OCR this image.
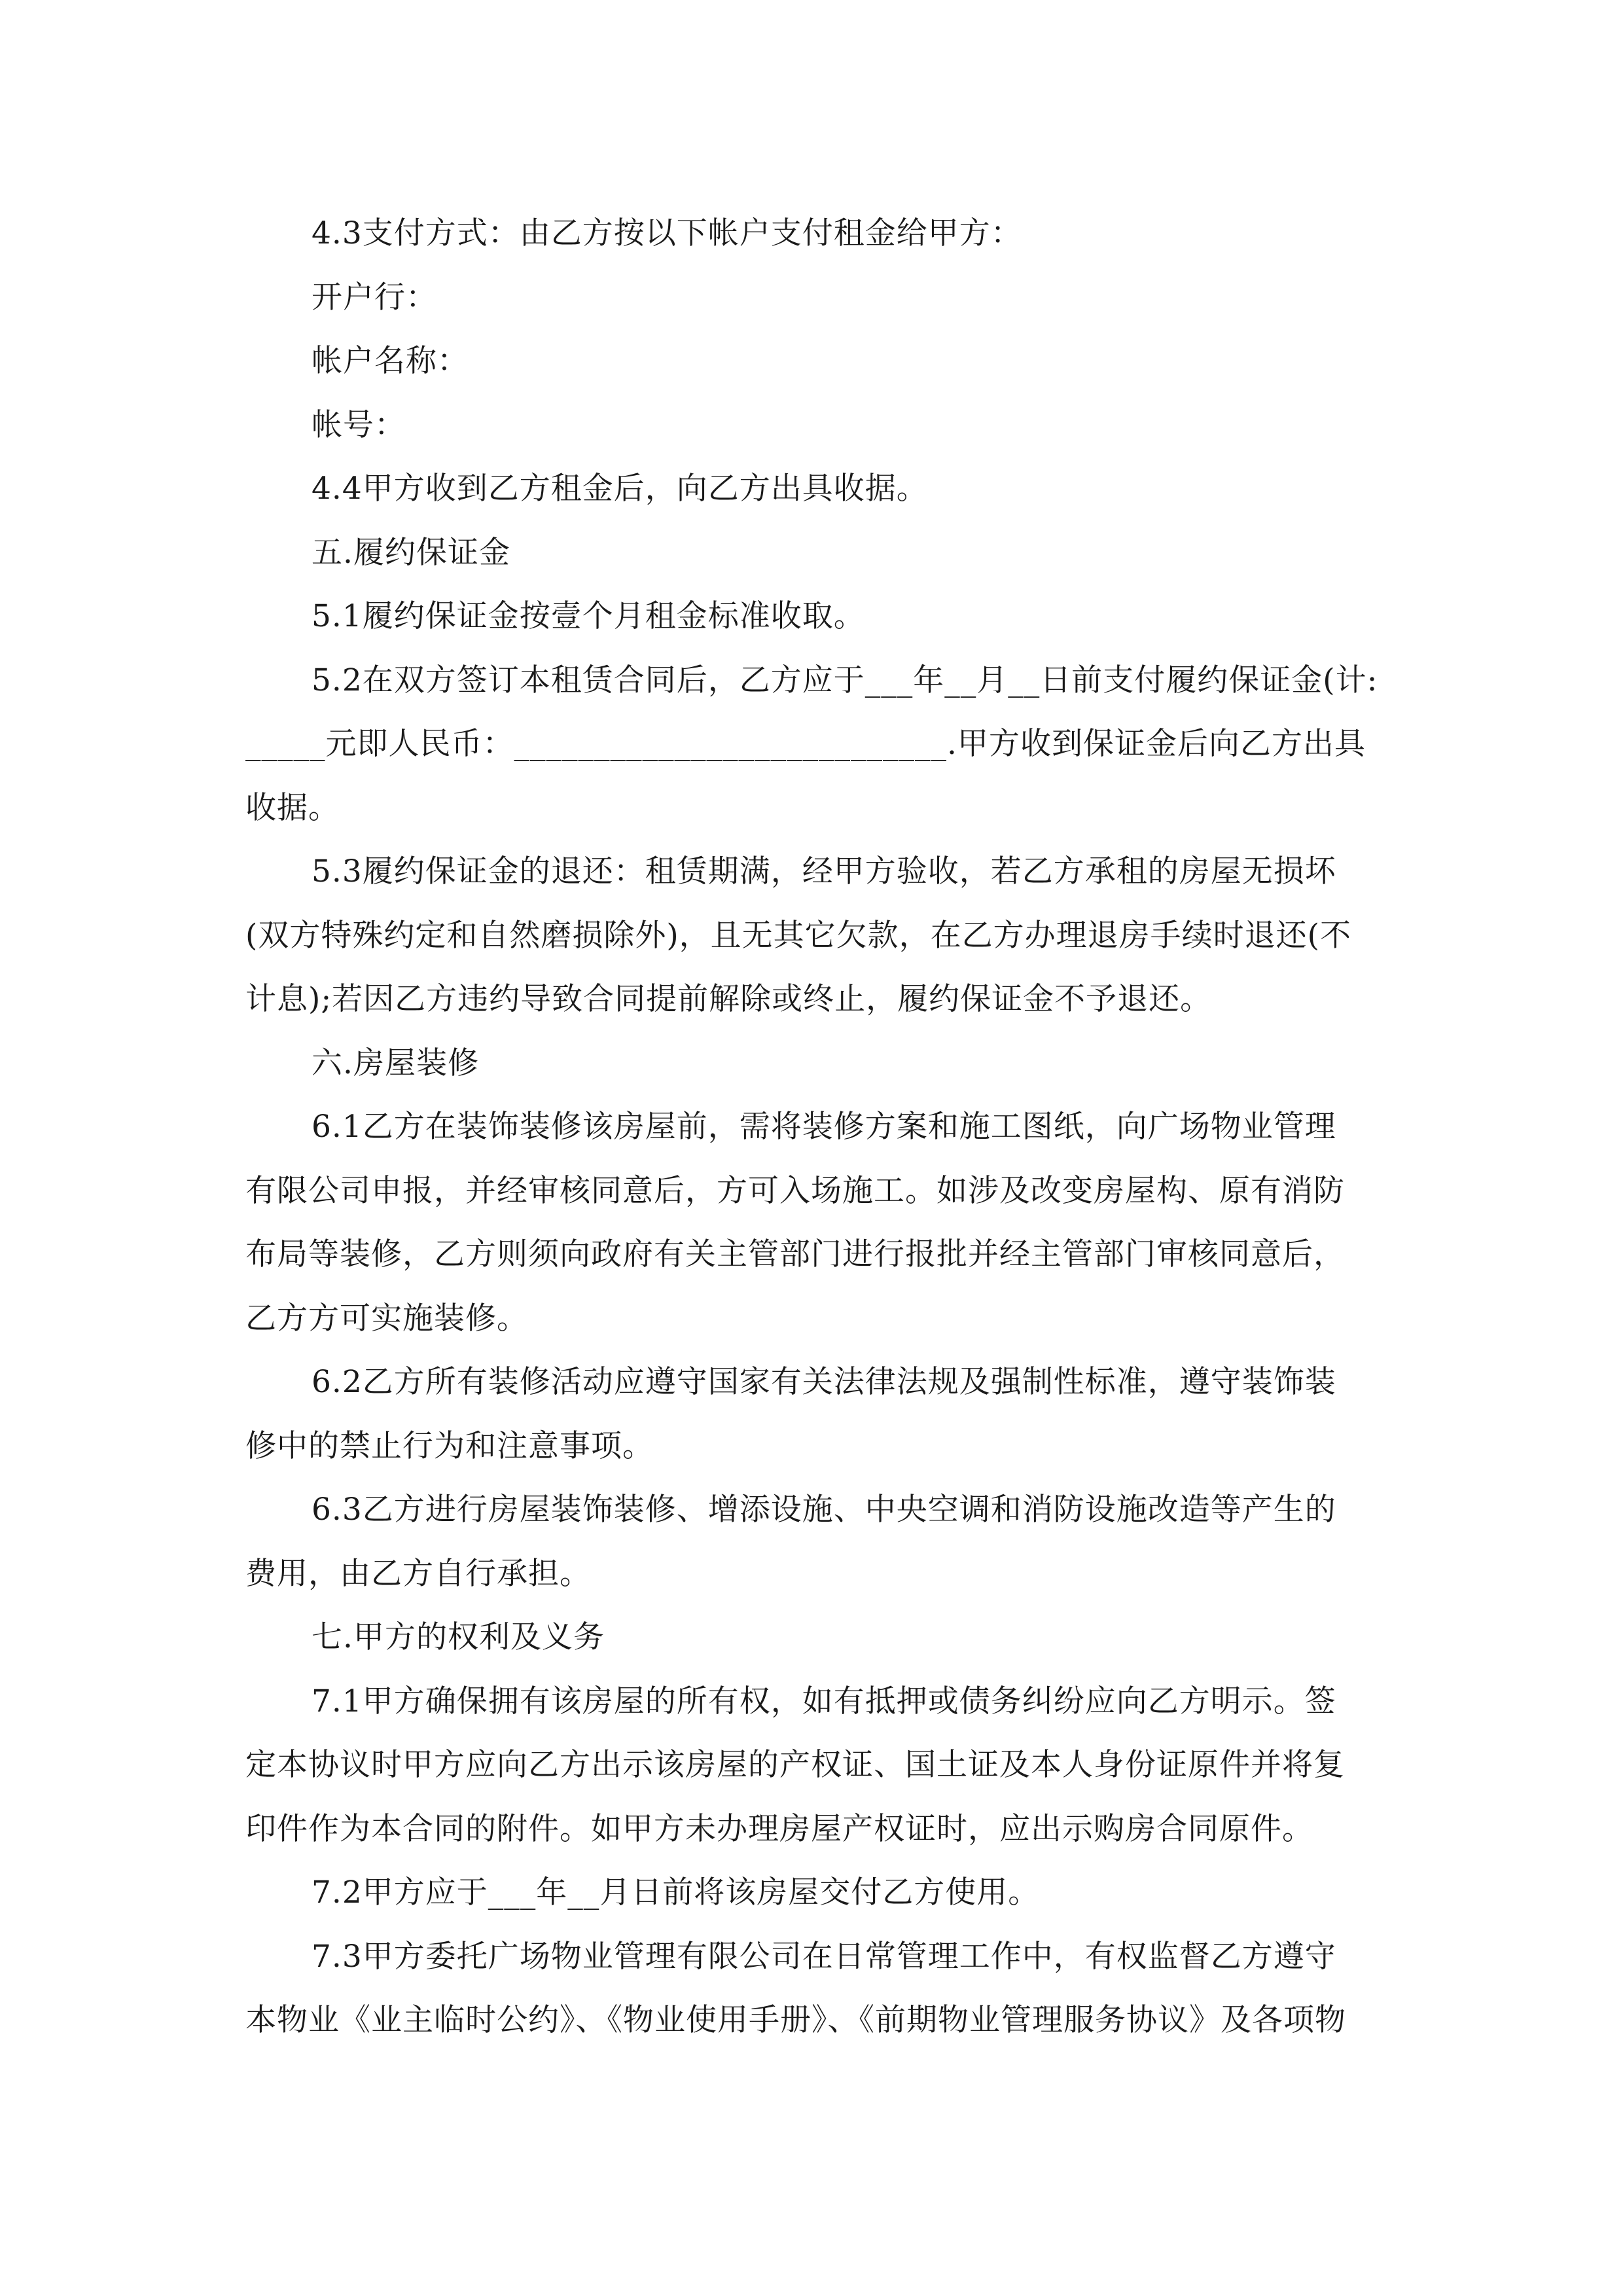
4.3支付方式：由乙方按以下帐户支付租金给甲方：
开户行：
帐户名称：
帐号：
4.4甲方收到乙方租金后，向乙方出具收据。
五.履约保证金
5.1履约保证金按壹个月租金标准收取。
5.2在双方签订本租赁合同后，乙方应于___年__月__日前支付履约保证金(计:
_____元即人民币：___________________________.甲方收到保证金后向乙方出具
收据。
5.3履约保证金的退还：租赁期满，经甲方验收，若乙方承租的房屋无损坏
(双方特殊约定和自然磨损除外)，且无其它欠款，在乙方办理退房手续时退还(不
计息);若因乙方违约导致合同提前解除或终止，履约保证金不予退还。
六.房屋装修
6.1乙方在装饰装修该房屋前，需将装修方案和施工图纸，向广场物业管理
有限公司申报，并经审核同意后，方可入场施工。如涉及改变房屋构、原有消防
布局等装修，乙方则须向政府有关主管部门进行报批并经主管部门审核同意后，
乙方方可实施装修。
6.2乙方所有装修活动应遵守国家有关法律法规及强制性标准，遵守装饰装
修中的禁止行为和注意事项。
6.3乙方进行房屋装饰装修、增添设施、中央空调和消防设施改造等产生的
费用，由乙方自行承担。
七.甲方的权利及义务
7.1甲方确保拥有该房屋的所有权，如有抵押或债务纠纷应向乙方明示。签
定本协议时甲方应向乙方出示该房屋的产权证、国土证及本人身份证原件并将复
印件作为本合同的附件。如甲方未办理房屋产权证时，应出示购房合同原件。
7.2甲方应于___年__月日前将该房屋交付乙方使用。
7.3甲方委托广场物业管理有限公司在日常管理工作中，有权监督乙方遵守
本物业《业主临时公约》、《物业使用手册》、《前期物业管理服务协议》及各项物
